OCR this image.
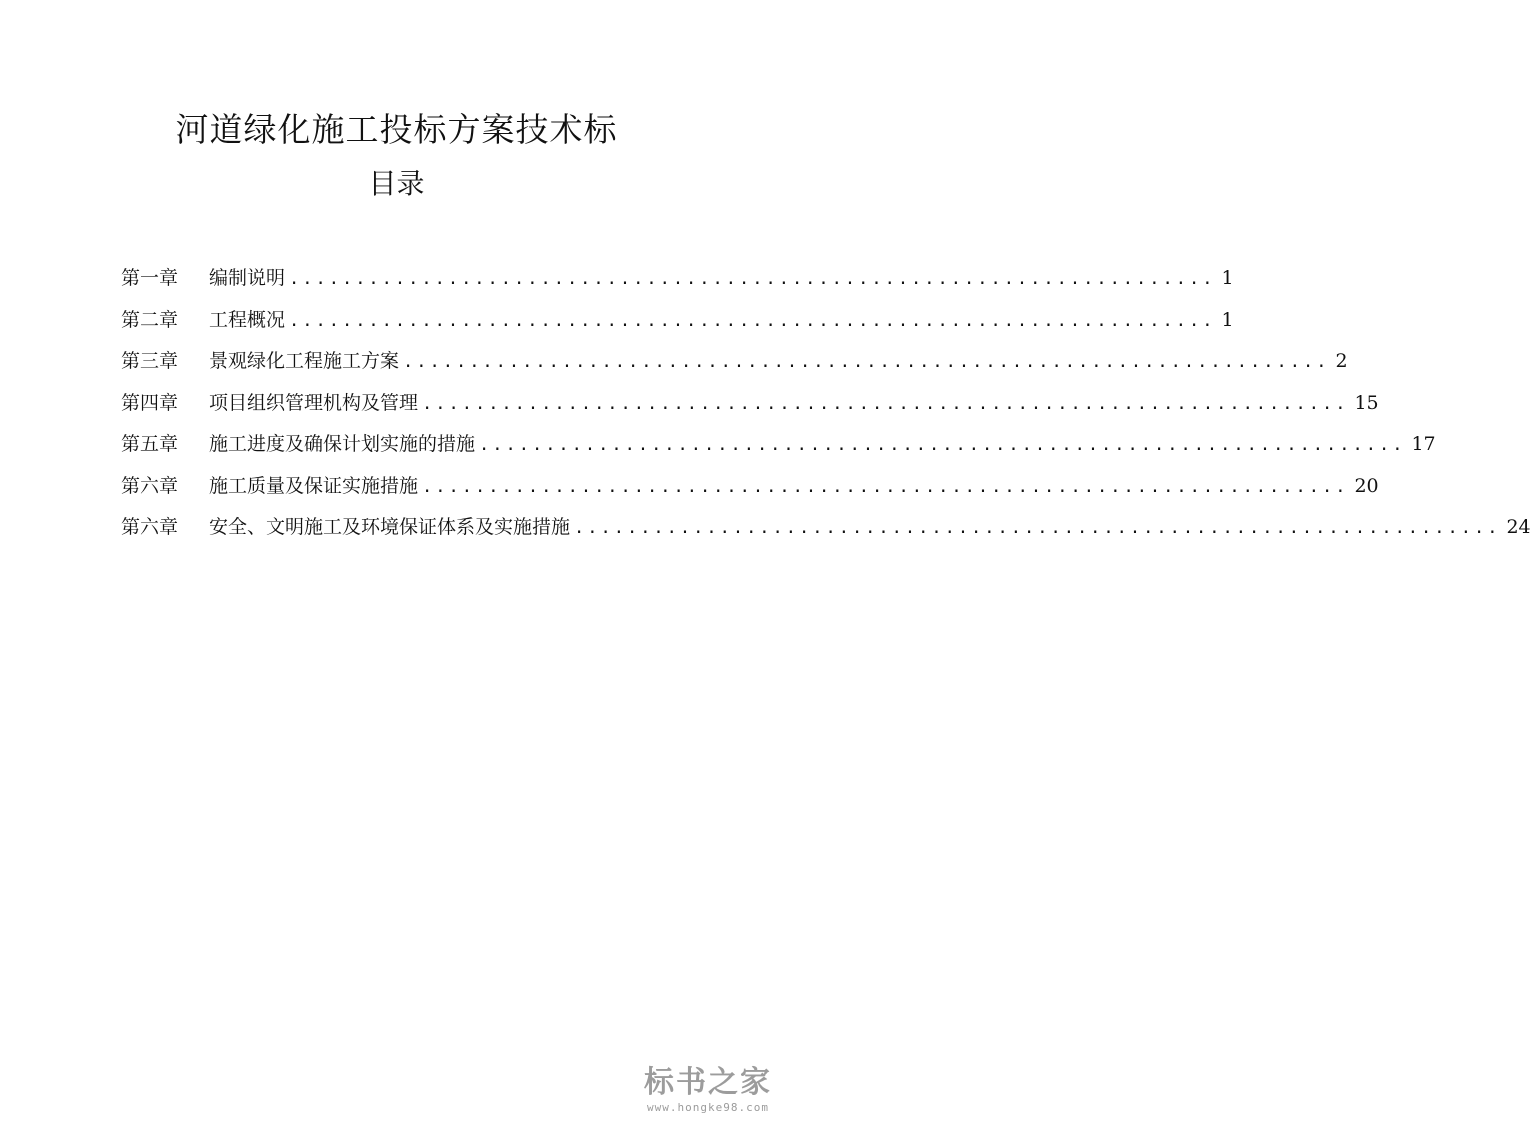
河道绿化施工投标方案技术标
目录
第一章	编制说明 ...................................................................... 1
第二章	工程概况 ...................................................................... 1
第三章	景观绿化工程施工方案 ...................................................................... 2
第四章	项目组织管理机构及管理 ...................................................................... 15
第五章	施工进度及确保计划实施的措施 ...................................................................... 17
第六章	施工质量及保证实施措施 ...................................................................... 20
第六章	安全、文明施工及环境保证体系及实施措施 ...................................................................... 24
标书之家
www.hongke98.com
